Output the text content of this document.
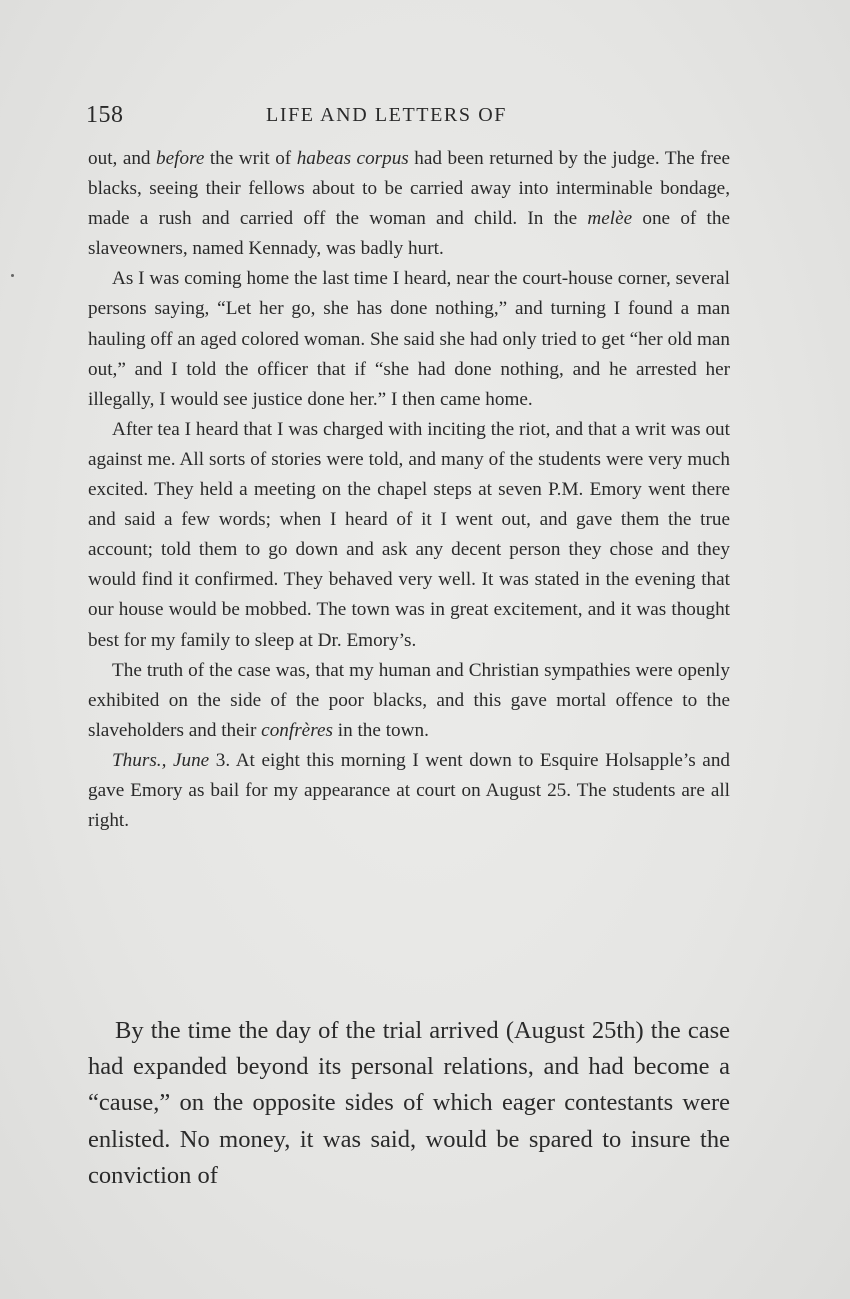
158	LIFE AND LETTERS OF

out, and before the writ of habeas corpus had been returned by the judge. The free blacks, seeing their fellows about to be carried away into interminable bondage, made a rush and carried off the woman and child. In the melèe one of the slaveowners, named Kennady, was badly hurt.

As I was coming home the last time I heard, near the court-house corner, several persons saying, “Let her go, she has done nothing,” and turning I found a man hauling off an aged colored woman. She said she had only tried to get “her old man out,” and I told the officer that if “she had done nothing, and he arrested her illegally, I would see justice done her.” I then came home.

After tea I heard that I was charged with inciting the riot, and that a writ was out against me. All sorts of stories were told, and many of the students were very much excited. They held a meeting on the chapel steps at seven P.M. Emory went there and said a few words; when I heard of it I went out, and gave them the true account; told them to go down and ask any decent person they chose and they would find it confirmed. They behaved very well. It was stated in the evening that our house would be mobbed. The town was in great excitement, and it was thought best for my family to sleep at Dr. Emory’s.

The truth of the case was, that my human and Christian sympathies were openly exhibited on the side of the poor blacks, and this gave mortal offence to the slaveholders and their confrères in the town.

Thurs., June 3. At eight this morning I went down to Esquire Holsapple’s and gave Emory as bail for my appearance at court on August 25. The students are all right.

By the time the day of the trial arrived (August 25th) the case had expanded beyond its personal relations, and had become a “cause,” on the opposite sides of which eager contestants were enlisted. No money, it was said, would be spared to insure the conviction of
